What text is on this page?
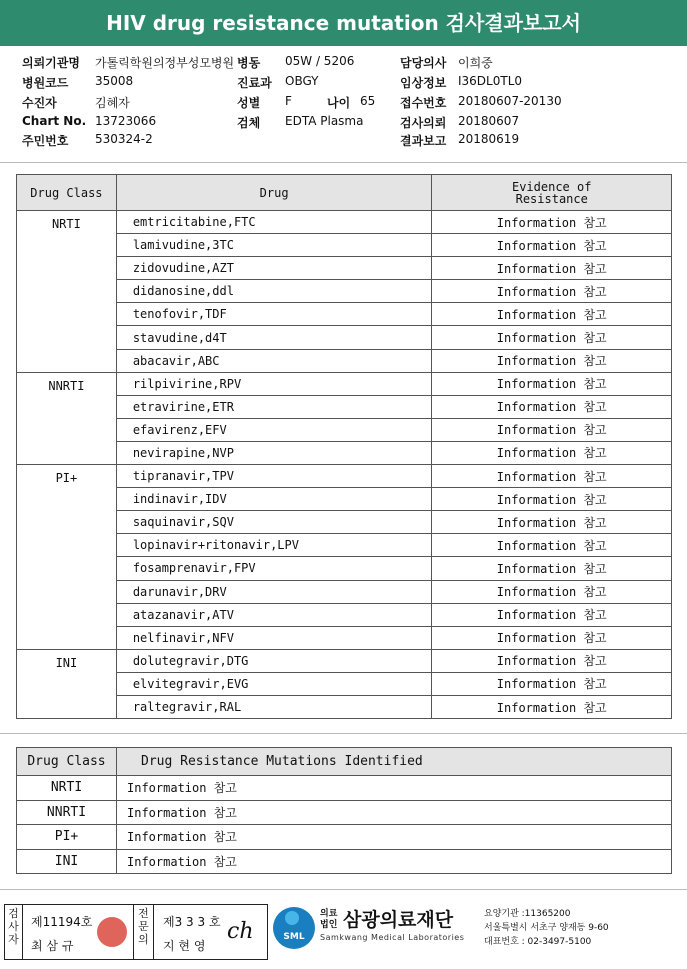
HIV drug resistance mutation 검사결과보고서
의뢰기관명 가톨릭학원의정부성모병원 병동 05W / 5206	담당의사 이희중
병원코드 35008	진료과 OBGY	임상정보 I36DL0TL0
수진자	김혜자	성별 F	나이 65 접수번호 20180607-20130
Chart No. 13723066	검체 EDTA Plasma	검사의뢰 20180607
주민번호 530324-2	결과보고 20180619
Drug Class	Drug	Evidence of
Resistance

NRTI	emtricitabine,FTC	Information 참고
	lamivudine,3TC	Information 참고
	zidovudine,AZT	Information 참고
	didanosine,ddl	Information 참고
	tenofovir,TDF	Information 참고
	stavudine,d4T	Information 참고
	abacavir,ABC	Information 참고
NNRTI	rilpivirine,RPV	Information 참고
	etravirine,ETR	Information 참고
	efavirenz,EFV	Information 참고
	nevirapine,NVP	Information 참고
PI+	tipranavir,TPV	Information 참고
	indinavir,IDV	Information 참고
	saquinavir,SQV	Information 참고
	lopinavir+ritonavir,LPV	Information 참고
	fosamprenavir,FPV	Information 참고
	darunavir,DRV	Information 참고
	atazanavir,ATV	Information 참고
	nelfinavir,NFV	Information 참고
INI	dolutegravir,DTG	Information 참고
	elvitegravir,EVG	Information 참고
	raltegravir,RAL	Information 참고
Drug Class	Drug Resistance Mutations Identified
NRTI	Information 참고
NNRTI	Information 참고
PI+	Information 참고
INI	Information 참고
검사자
제11194호
최 삼 규
전문의
제3 3 3 호
지 현 영
ch	SML
의료 법인 삼광의료재단
Samkwang Medical Laboratories
요양기관 :11365200
서울특별시 서초구 양재동 9-60
대표번호 : 02-3497-5100
